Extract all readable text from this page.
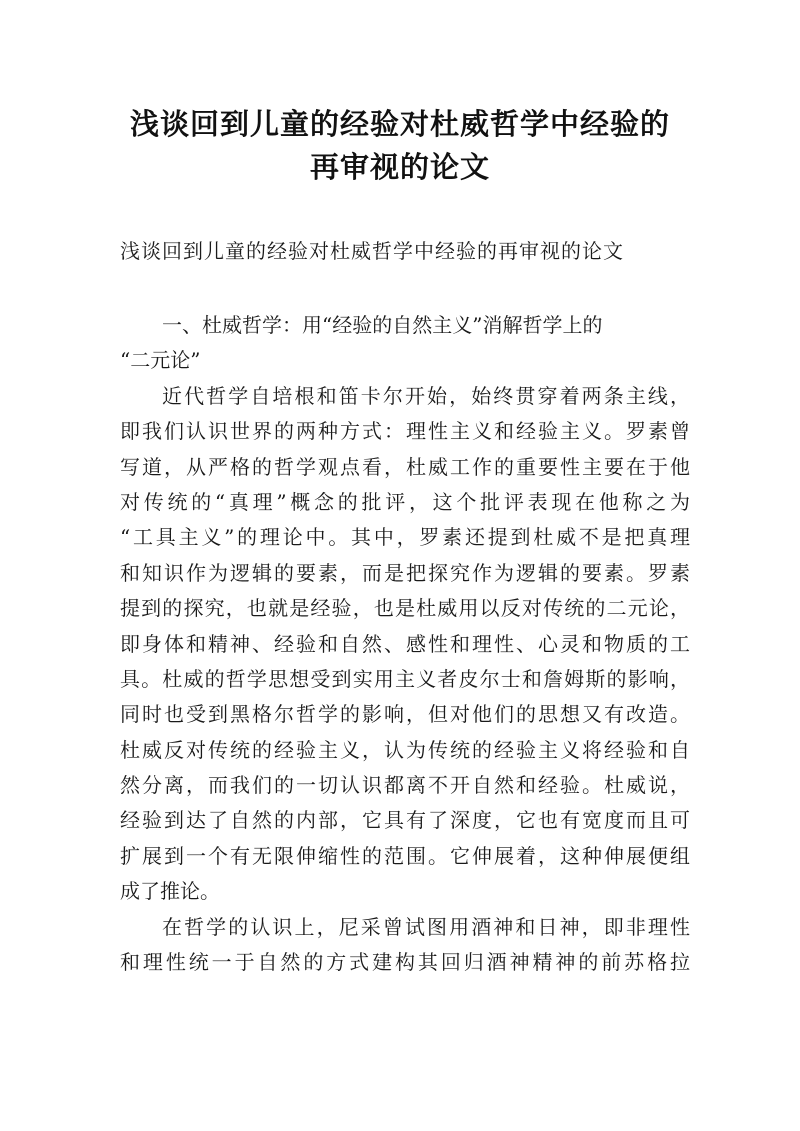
浅谈回到儿童的经验对杜威哲学中经验的
再审视的论文
浅谈回到儿童的经验对杜威哲学中经验的再审视的论文
一、杜威哲学：用“经验的自然主义”消解哲学上的
“二元论”
近代哲学自培根和笛卡尔开始，始终贯穿着两条主线，
即我们认识世界的两种方式：理性主义和经验主义。罗素曾
写道，从严格的哲学观点看，杜威工作的重要性主要在于他
对传统的“真理”概念的批评，这个批评表现在他称之为
“工具主义”的理论中。其中，罗素还提到杜威不是把真理
和知识作为逻辑的要素，而是把探究作为逻辑的要素。罗素
提到的探究，也就是经验，也是杜威用以反对传统的二元论，
即身体和精神、经验和自然、感性和理性、心灵和物质的工
具。杜威的哲学思想受到实用主义者皮尔士和詹姆斯的影响，
同时也受到黑格尔哲学的影响，但对他们的思想又有改造。
杜威反对传统的经验主义，认为传统的经验主义将经验和自
然分离，而我们的一切认识都离不开自然和经验。杜威说，
经验到达了自然的内部，它具有了深度，它也有宽度而且可
扩展到一个有无限伸缩性的范围。它伸展着，这种伸展便组
成了推论。
在哲学的认识上，尼采曾试图用酒神和日神，即非理性
和理性统一于自然的方式建构其回归酒神精神的前苏格拉
